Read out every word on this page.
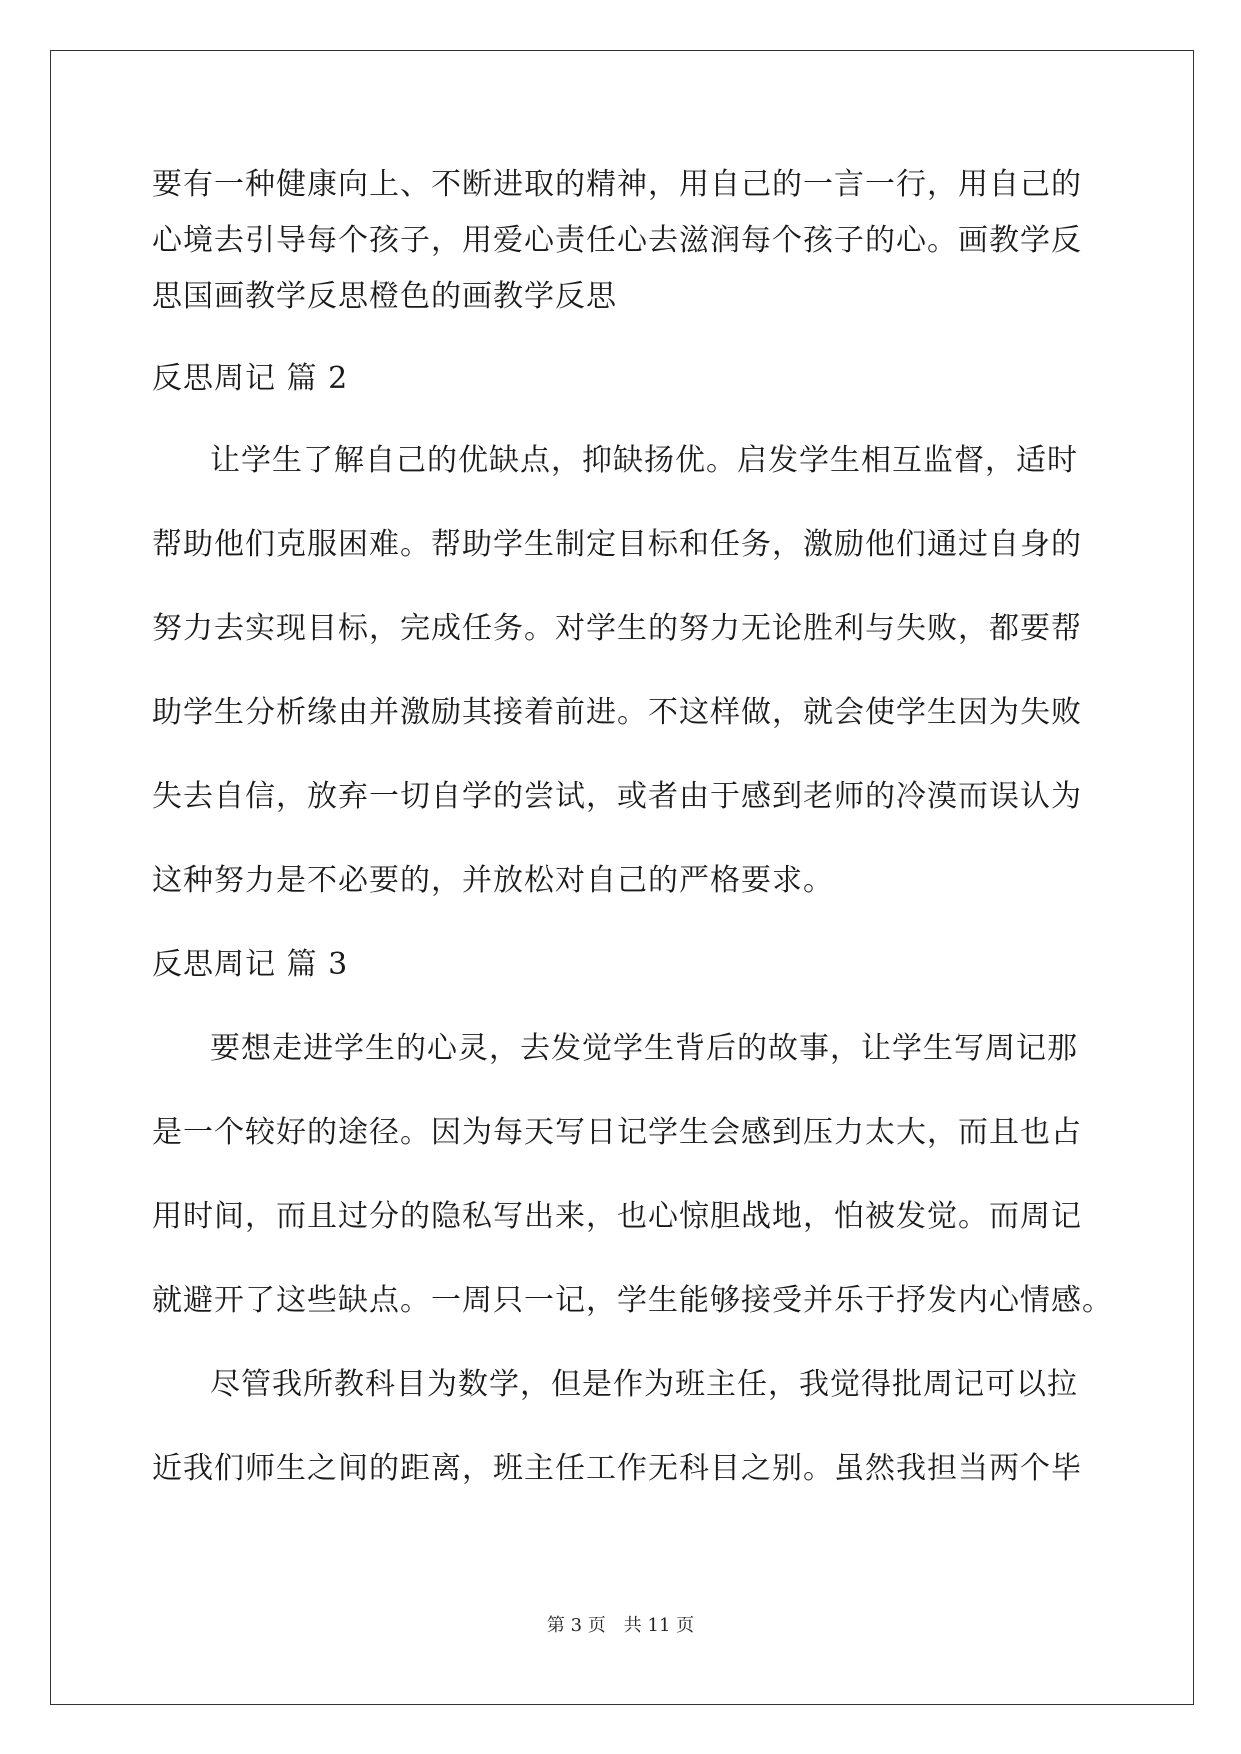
要有一种健康向上、不断进取的精神，用自己的一言一行，用自己的
心境去引导每个孩子，用爱心责任心去滋润每个孩子的心。画教学反
思国画教学反思橙色的画教学反思
反思周记 篇 2
让学生了解自己的优缺点，抑缺扬优。启发学生相互监督，适时
帮助他们克服困难。帮助学生制定目标和任务，激励他们通过自身的
努力去实现目标，完成任务。对学生的努力无论胜利与失败，都要帮
助学生分析缘由并激励其接着前进。不这样做，就会使学生因为失败
失去自信，放弃一切自学的尝试，或者由于感到老师的冷漠而误认为
这种努力是不必要的，并放松对自己的严格要求。
反思周记 篇 3
要想走进学生的心灵，去发觉学生背后的故事，让学生写周记那
是一个较好的途径。因为每天写日记学生会感到压力太大，而且也占
用时间，而且过分的隐私写出来，也心惊胆战地，怕被发觉。而周记
就避开了这些缺点。一周只一记，学生能够接受并乐于抒发内心情感。
尽管我所教科目为数学，但是作为班主任，我觉得批周记可以拉
近我们师生之间的距离，班主任工作无科目之别。虽然我担当两个毕
第 3 页 共 11 页
